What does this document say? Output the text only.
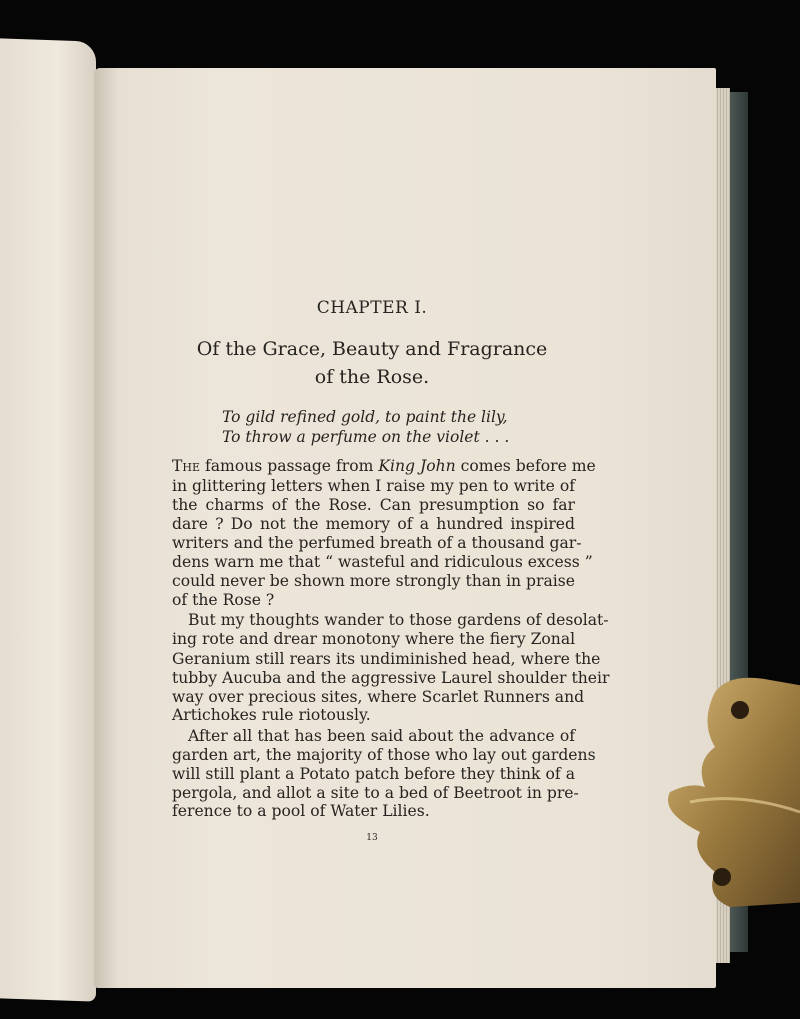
CHAPTER I.
Of the Grace, Beauty and Fragrance
of the Rose.
To gild refined gold, to paint the lily,
To throw a perfume on the violet . . .
The famous passage from King John comes before me
in glittering letters when I raise my pen to write of
the charms of the Rose. Can presumption so far
dare ? Do not the memory of a hundred inspired
writers and the perfumed breath of a thousand gar-
dens warn me that “ wasteful and ridiculous excess ”
could never be shown more strongly than in praise
of the Rose ?
But my thoughts wander to those gardens of desolat-
ing rote and drear monotony where the fiery Zonal
Geranium still rears its undiminished head, where the
tubby Aucuba and the aggressive Laurel shoulder their
way over precious sites, where Scarlet Runners and
Artichokes rule riotously.
After all that has been said about the advance of
garden art, the majority of those who lay out gardens
will still plant a Potato patch before they think of a
pergola, and allot a site to a bed of Beetroot in pre-
ference to a pool of Water Lilies.
13
